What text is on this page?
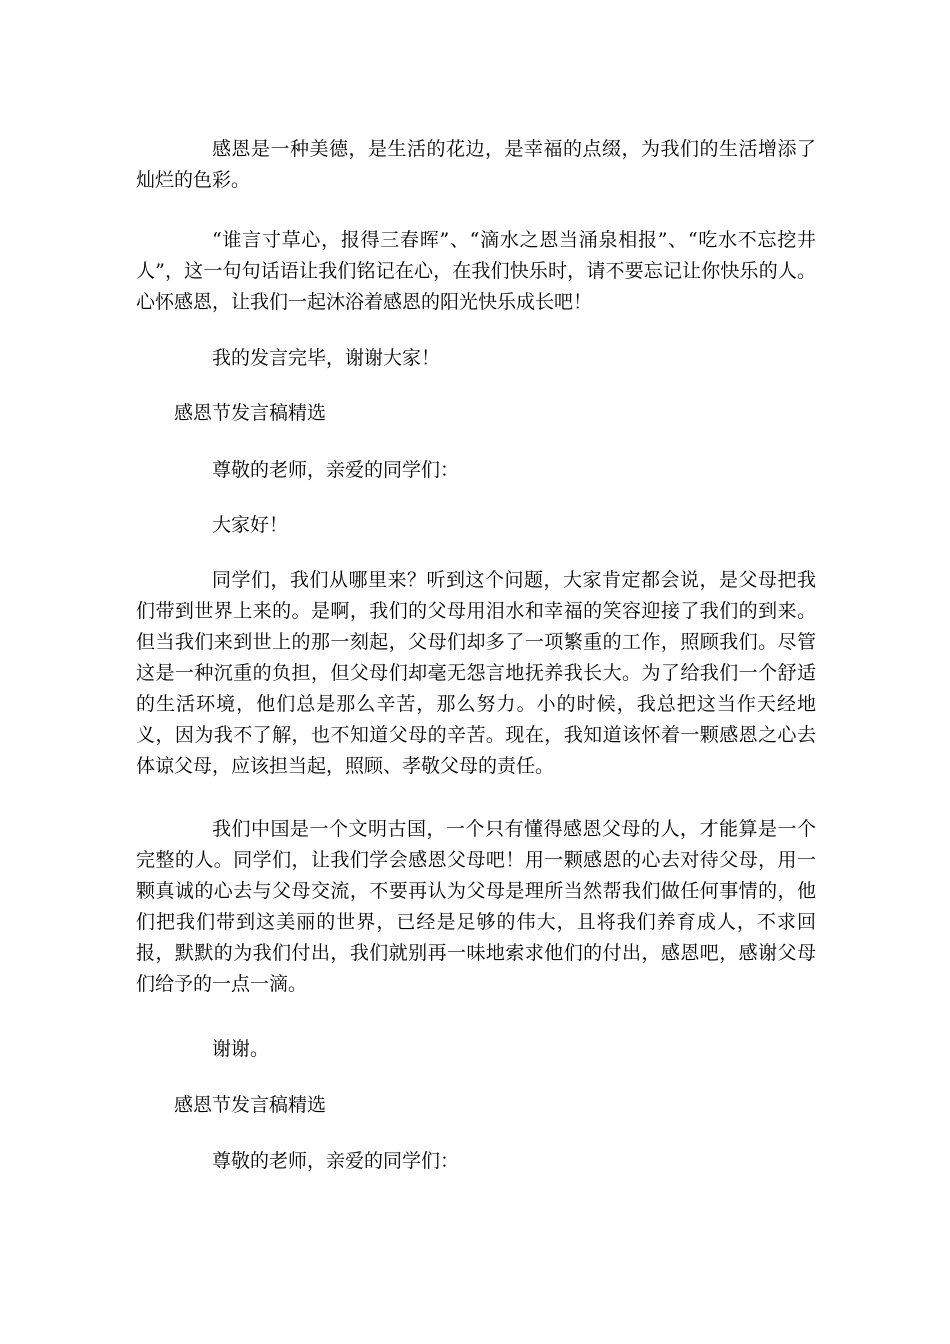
感恩是一种美德，是生活的花边，是幸福的点缀，为我们的生活增添了灿烂的色彩。

“谁言寸草心，报得三春晖”、“滴水之恩当涌泉相报”、“吃水不忘挖井人”，这一句句话语让我们铭记在心，在我们快乐时，请不要忘记让你快乐的人。心怀感恩，让我们一起沐浴着感恩的阳光快乐成长吧！

我的发言完毕，谢谢大家！

感恩节发言稿精选

尊敬的老师，亲爱的同学们：

大家好！

同学们，我们从哪里来？听到这个问题，大家肯定都会说，是父母把我们带到世界上来的。是啊，我们的父母用泪水和幸福的笑容迎接了我们的到来。但当我们来到世上的那一刻起，父母们却多了一项繁重的工作，照顾我们。尽管这是一种沉重的负担，但父母们却毫无怨言地抚养我长大。为了给我们一个舒适的生活环境，他们总是那么辛苦，那么努力。小的时候，我总把这当作天经地义，因为我不了解，也不知道父母的辛苦。现在，我知道该怀着一颗感恩之心去体谅父母，应该担当起，照顾、孝敬父母的责任。

我们中国是一个文明古国，一个只有懂得感恩父母的人，才能算是一个完整的人。同学们，让我们学会感恩父母吧！用一颗感恩的心去对待父母，用一颗真诚的心去与父母交流，不要再认为父母是理所当然帮我们做任何事情的，他们把我们带到这美丽的世界，已经是足够的伟大，且将我们养育成人，不求回报，默默的为我们付出，我们就别再一味地索求他们的付出，感恩吧，感谢父母们给予的一点一滴。

谢谢。

感恩节发言稿精选

尊敬的老师，亲爱的同学们：
